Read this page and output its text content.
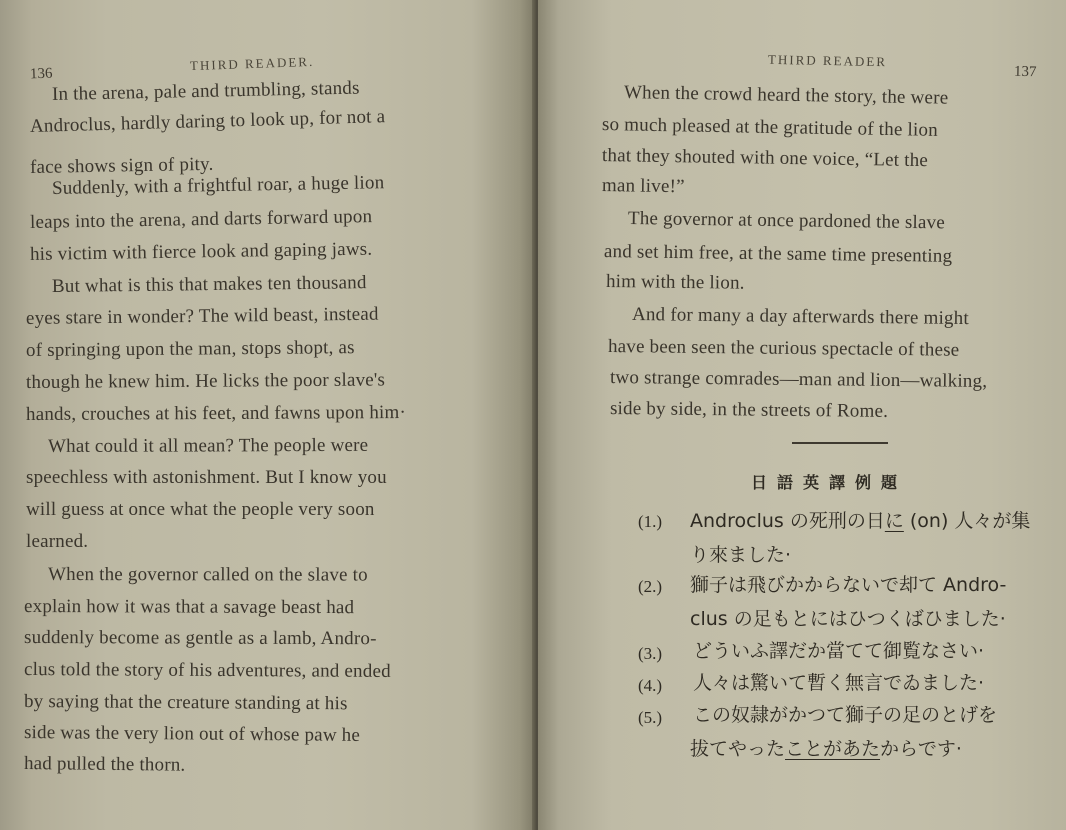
136
THIRD READER.
In the arena, pale and trumbling, stands
Androclus, hardly daring to look up, for not a
face shows sign of pity.
Suddenly, with a frightful roar, a huge lion
leaps into the arena, and darts forward upon
his victim with fierce look and gaping jaws.
But what is this that makes ten thousand
eyes stare in wonder? The wild beast, instead
of springing upon the man, stops shopt, as
though he knew him. He licks the poor slave's
hands, crouches at his feet, and fawns upon him·
What could it all mean? The people were
speechless with astonishment. But I know you
will guess at once what the people very soon
learned.
When the governor called on the slave to
explain how it was that a savage beast had
suddenly become as gentle as a lamb, Andro-
clus told the story of his adventures, and ended
by saying that the creature standing at his
side was the very lion out of whose paw he
had pulled the thorn.
THIRD READER
137
When the crowd heard the story, the were
so much pleased at the gratitude of the lion
that they shouted with one voice, “Let the
man live!”
The governor at once pardoned the slave
and set him free, at the same time presenting
him with the lion.
And for many a day afterwards there might
have been seen the curious spectacle of these
two strange comrades—man and lion—walking,
side by side, in the streets of Rome.
日語英譯例題
(1.) Androclus の死刑の日に (on) 人々が集
り來ました·
(2.) 獅子は飛びかからないで却て Andro-
clus の足もとにはひつくばひました·
(3.) どういふ譯だか當てて御覧なさい·
(4.) 人々は驚いて暫く無言でゐました·
(5.) この奴隷がかつて獅子の足のとげを
拔てやったことがあたからです·
